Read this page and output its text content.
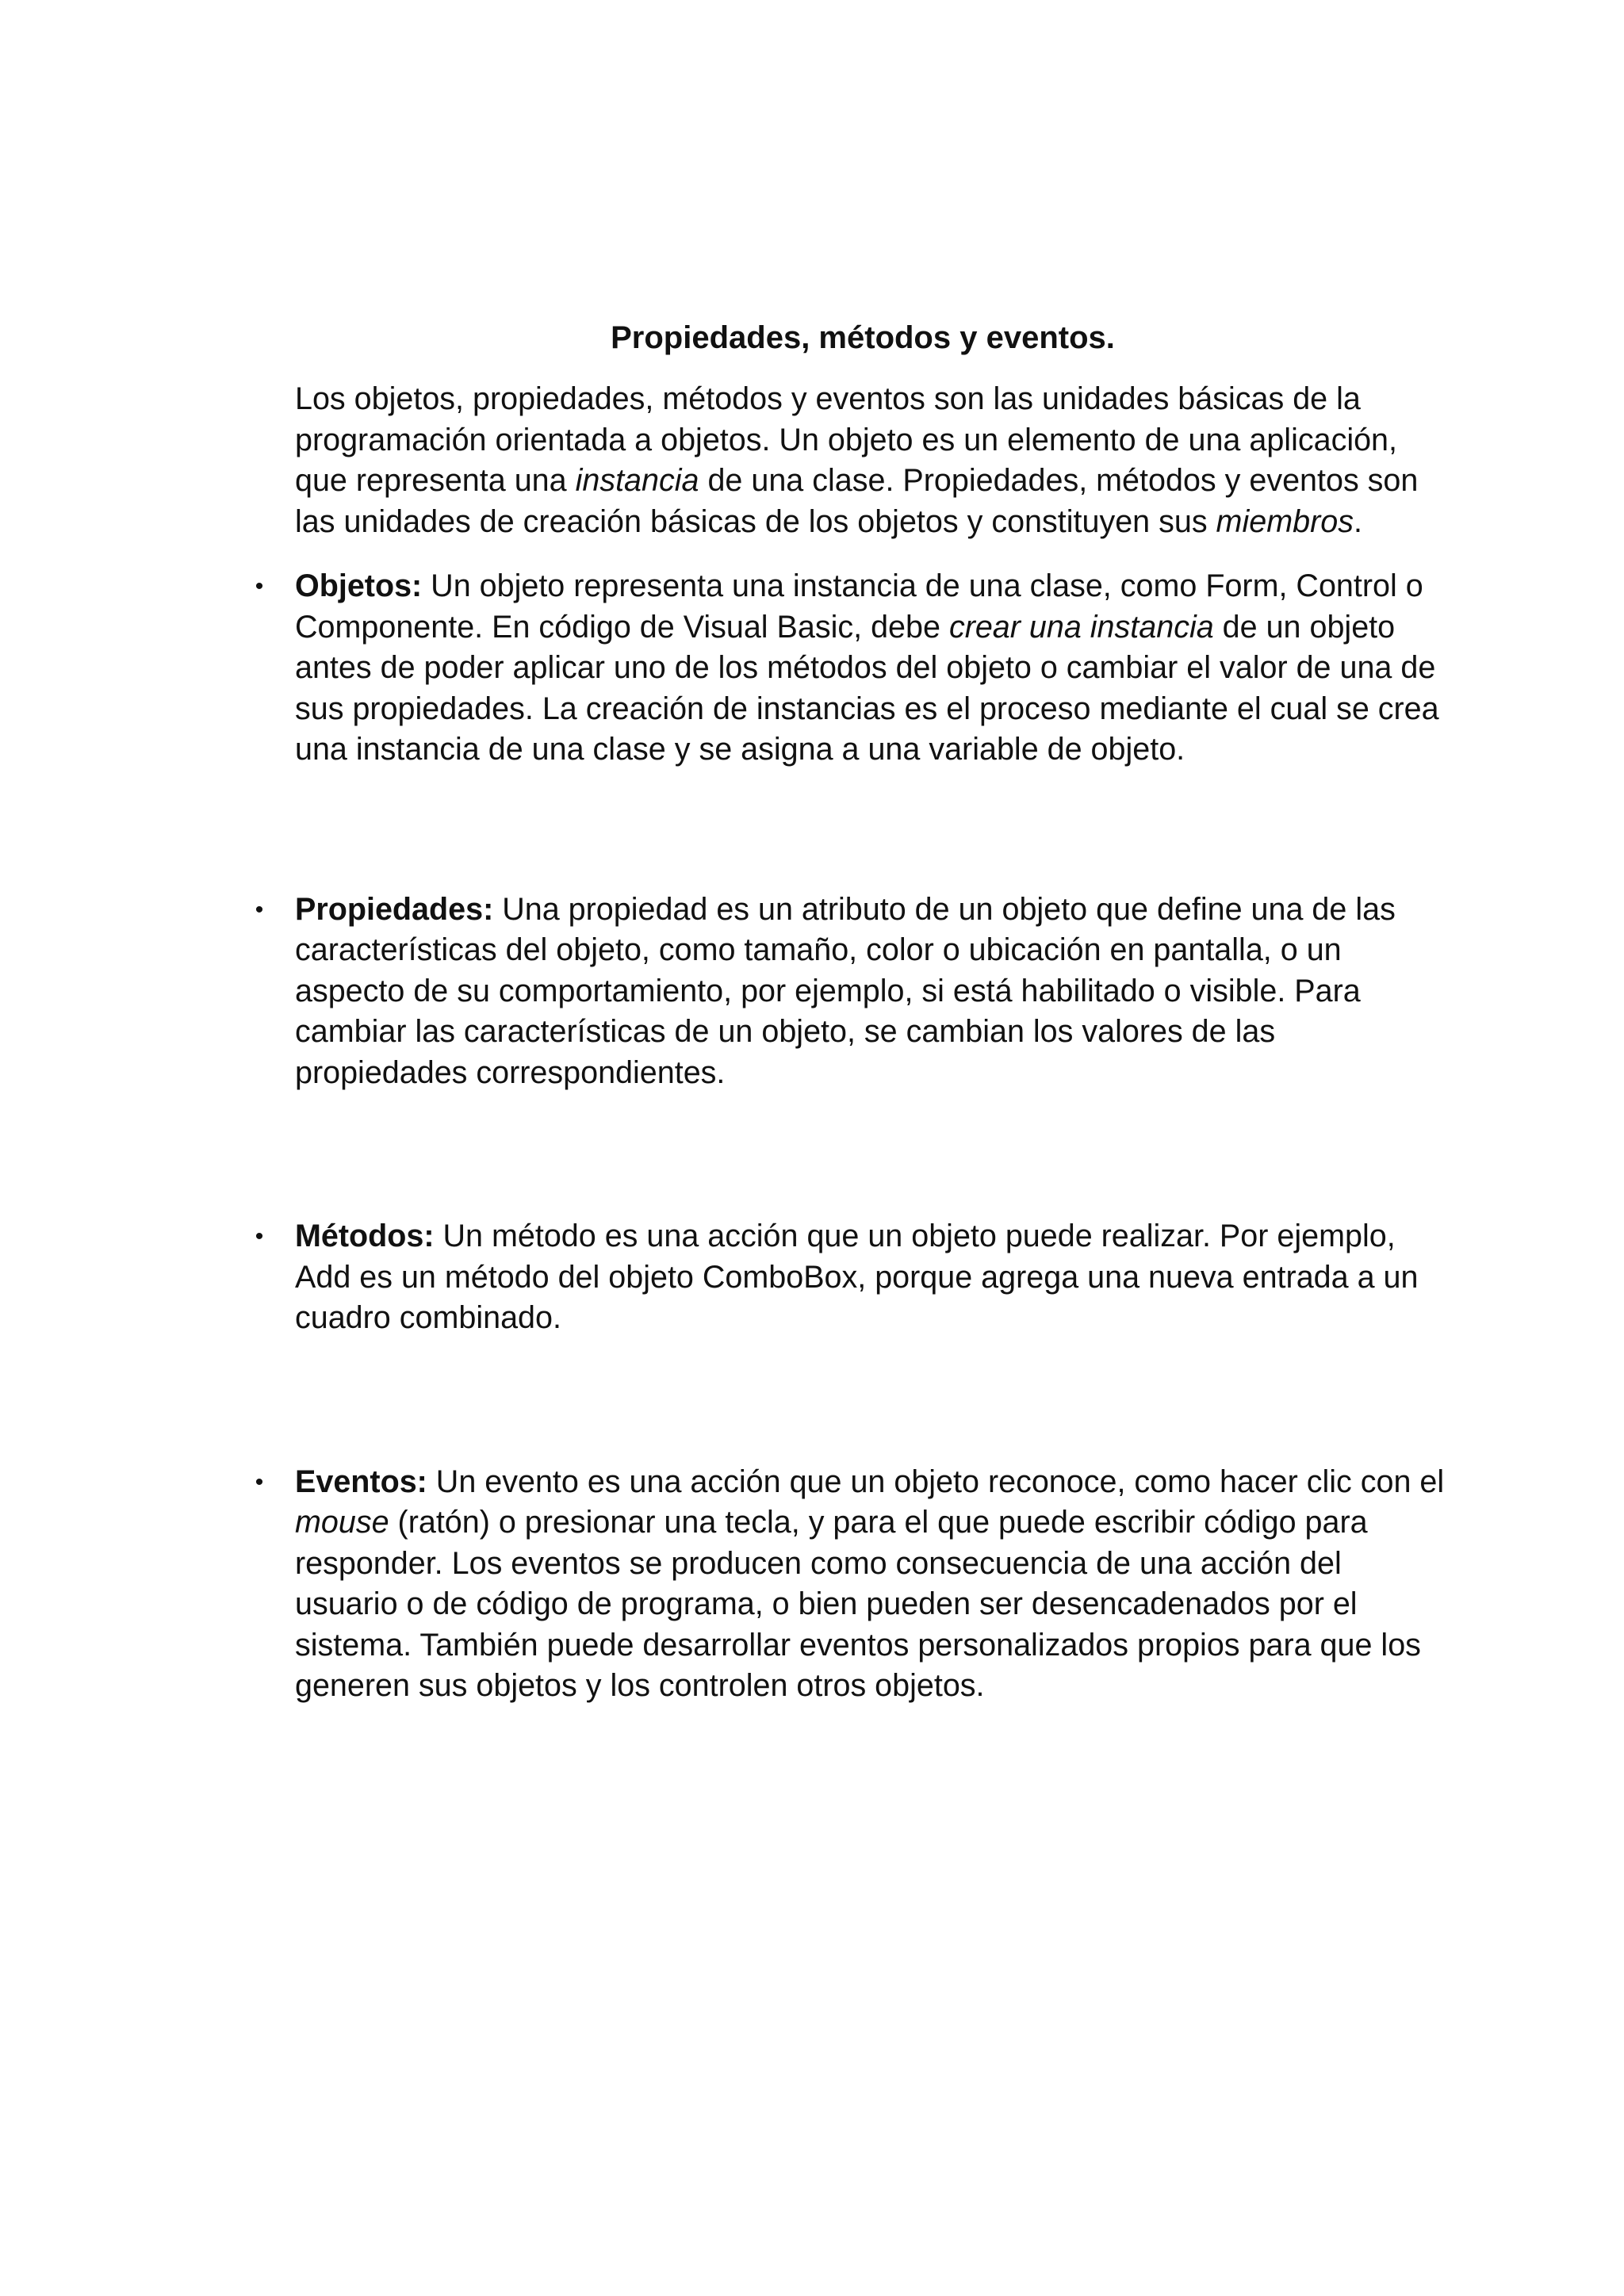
Propiedades, métodos y eventos.

Los objetos, propiedades, métodos y eventos son las unidades básicas de la programación orientada a objetos. Un objeto es un elemento de una aplicación, que representa una instancia de una clase. Propiedades, métodos y eventos son las unidades de creación básicas de los objetos y constituyen sus miembros.

• Objetos: Un objeto representa una instancia de una clase, como Form, Control o Componente. En código de Visual Basic, debe crear una instancia de un objeto antes de poder aplicar uno de los métodos del objeto o cambiar el valor de una de sus propiedades. La creación de instancias es el proceso mediante el cual se crea una instancia de una clase y se asigna a una variable de objeto.

• Propiedades: Una propiedad es un atributo de un objeto que define una de las características del objeto, como tamaño, color o ubicación en pantalla, o un aspecto de su comportamiento, por ejemplo, si está habilitado o visible. Para cambiar las características de un objeto, se cambian los valores de las propiedades correspondientes.

• Métodos: Un método es una acción que un objeto puede realizar. Por ejemplo, Add es un método del objeto ComboBox, porque agrega una nueva entrada a un cuadro combinado.

• Eventos: Un evento es una acción que un objeto reconoce, como hacer clic con el mouse (ratón) o presionar una tecla, y para el que puede escribir código para responder. Los eventos se producen como consecuencia de una acción del usuario o de código de programa, o bien pueden ser desencadenados por el sistema. También puede desarrollar eventos personalizados propios para que los generen sus objetos y los controlen otros objetos.
